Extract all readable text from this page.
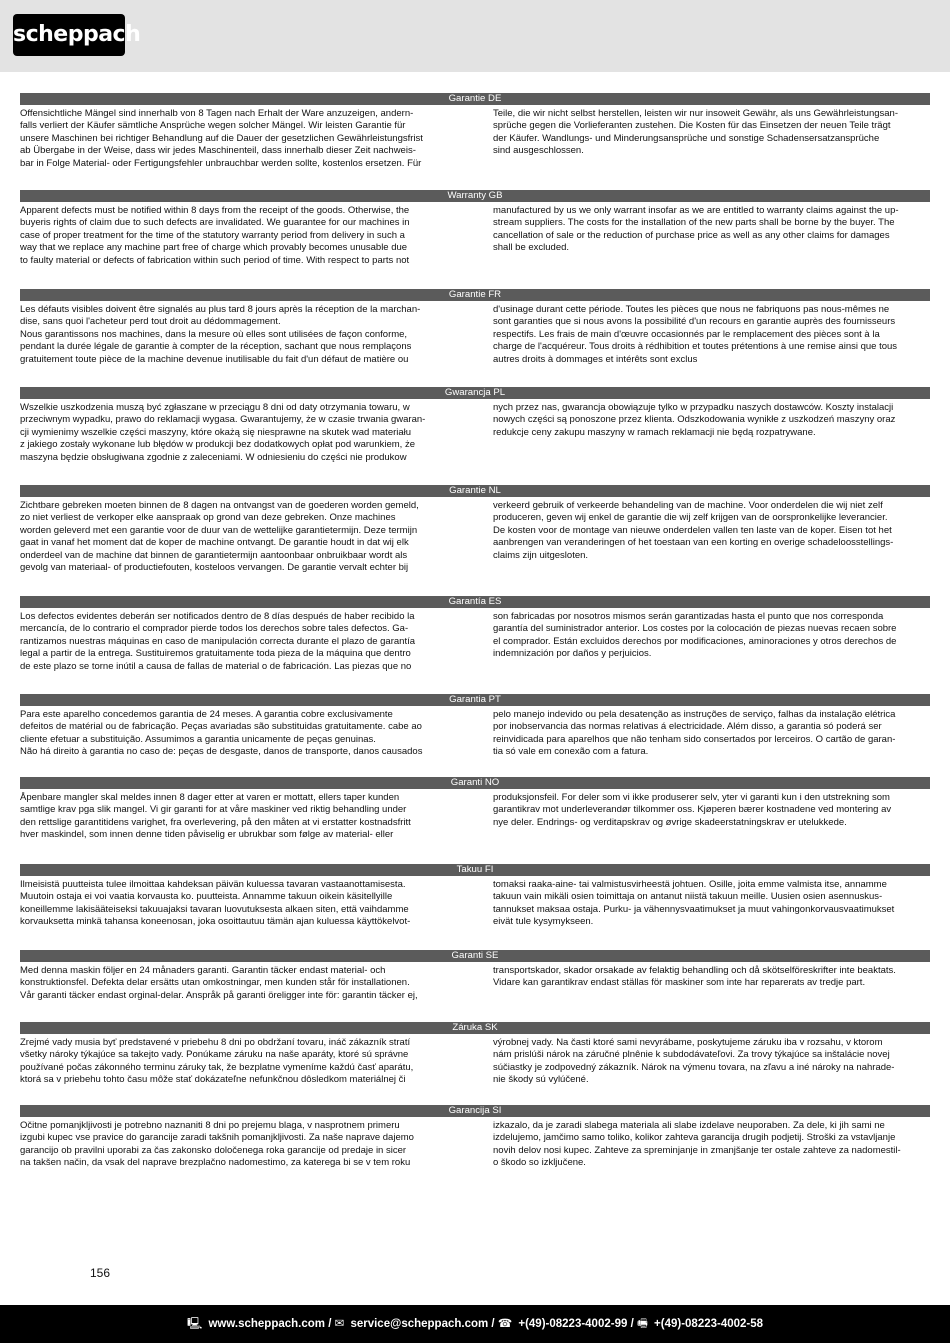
scheppach
Garantie DE
Offensichtliche Mängel sind innerhalb von 8 Tagen nach Erhalt der Ware anzuzeigen, andern-
falls verliert der Käufer sämtliche Ansprüche wegen solcher Mängel. Wir leisten Garantie für
unsere Maschinen bei richtiger Behandlung auf die Dauer der gesetzlichen Gewährleistungsfrist
ab Übergabe in der Weise, dass wir jedes Maschinenteil, dass innerhalb dieser Zeit nachweis-
bar in Folge Material- oder Fertigungsfehler unbrauchbar werden sollte, kostenlos ersetzen. Für
Teile, die wir nicht selbst herstellen, leisten wir nur insoweit Gewähr, als uns Gewährleistungsan-
sprüche gegen die Vorlieferanten zustehen. Die Kosten für das Einsetzen der neuen Teile trägt
der Käufer. Wandlungs- und Minderungsansprüche und sonstige Schadensersatzansprüche
sind ausgeschlossen.
Warranty GB
Apparent defects must be notified within 8 days from the receipt of the goods. Otherwise, the
buyeris rights of claim due to such defects are invalidated. We guarantee for our machines in
case of proper treatment for the time of the statutory warranty period from delivery in such a
way that we replace any machine part free of charge which provably becomes unusable due
to faulty material or defects of fabrication within such period of time. With respect to parts not
manufactured by us we only warrant insofar as we are entitled to warranty claims against the up-
stream suppliers. The costs for the installation of the new parts shall be borne by the buyer. The
cancellation of sale or the reduction of purchase price as well as any other claims for damages
shall be excluded.
Garantie FR
Les défauts visibles doivent être signalés au plus tard 8 jours après la réception de la marchan-
dise, sans quoi l'acheteur perd tout droit au dédommagement.
Nous garantissons nos machines, dans la mesure où elles sont utilisées de façon conforme,
pendant la durée légale de garantie à compter de la réception, sachant que nous remplaçons
gratuitement toute pièce de la machine devenue inutilisable du fait d'un défaut de matière ou
d'usinage durant cette période. Toutes les pièces que nous ne fabriquons pas nous-mêmes ne
sont garanties que si nous avons la possibilité d'un recours en garantie auprès des fournisseurs
respectifs. Les frais de main d'œuvre occasionnés par le remplacement des pièces sont à la
charge de l'acquéreur. Tous droits à rédhibition et toutes prétentions à une remise ainsi que tous
autres droits à dommages et intérêts sont exclus
Gwarancja PL
Wszelkie uszkodzenia muszą być zgłaszane w przeciągu 8 dni od daty otrzymania towaru, w
przeciwnym wypadku, prawo do reklamacji wygasa. Gwarantujemy, że w czasie trwania gwaran-
cji wymienimy wszelkie części maszyny, które okażą się niesprawne na skutek wad materiału
z jakiego zostały wykonane lub błędów w produkcji bez dodatkowych opłat pod warunkiem, że
maszyna będzie obsługiwana zgodnie z zaleceniami. W odniesieniu do części nie produkow
nych przez nas, gwarancja obowiązuje tylko w przypadku naszych dostawców. Koszty instalacji
nowych części są ponoszone przez klienta. Odszkodowania wynikłe z uszkodzeń maszyny oraz
redukcje ceny zakupu maszyny w ramach reklamacji nie będą rozpatrywane.
Garantie NL
Zichtbare gebreken moeten binnen de 8 dagen na ontvangst van de goederen worden gemeld,
zo niet verliest de verkoper elke aanspraak op grond van deze gebreken. Onze machines
worden geleverd met een garantie voor de duur van de wettelijke garantietermijn. Deze termijn
gaat in vanaf het moment dat de koper de machine ontvangt. De garantie houdt in dat wij elk
onderdeel van de machine dat binnen de garantietermijn aantoonbaar onbruikbaar wordt als
gevolg van materiaal- of productiefouten, kosteloos vervangen. De garantie vervalt echter bij
verkeerd gebruik of verkeerde behandeling van de machine. Voor onderdelen die wij niet zelf
produceren, geven wij enkel de garantie die wij zelf krijgen van de oorspronkelijke leverancier.
De kosten voor de montage van nieuwe onderdelen vallen ten laste van de koper. Eisen tot het
aanbrengen van veranderingen of het toestaan van een korting en overige schadeloosstellings-
claims zijn uitgesloten.
Garantía ES
Los defectos evidentes deberán ser notificados dentro de 8 días después de haber recibido la
mercancía, de lo contrario el comprador pierde todos los derechos sobre tales defectos. Ga-
rantizamos nuestras máquinas en caso de manipulación correcta durante el plazo de garantía
legal a partir de la entrega. Sustituiremos gratuitamente toda pieza de la máquina que dentro
de este plazo se torne inútil a causa de fallas de material o de fabricación. Las piezas que no
son fabricadas por nosotros mismos serán garantizadas hasta el punto que nos corresponda
garantía del suministrador anterior. Los costes por la colocación de piezas nuevas recaen sobre
el comprador. Están excluidos derechos por modificaciones, aminoraciones y otros derechos de
indemnización por daños y perjuicios.
Garantia PT
Para este aparelho concedemos garantia de 24 meses. A garantia cobre exclusivamente
defeitos de matérial ou de fabricação. Peças avariadas são substituidas gratuitamente. cabe ao
cliente efetuar a substituição. Assumimos a garantia unicamente de peças genuinas.
Não há direito à garantia no caso de: peças de desgaste, danos de transporte, danos causados
pelo manejo indevido ou pela desatenção as instruções de serviço, falhas da instalação elétrica
por inobservancia das normas relativas á electricidade. Além disso, a garantia só poderá ser
reinvidicada para aparelhos que não tenham sido consertados por lerceiros. O cartão de garan-
tia só vale em conexão com a fatura.
Garanti NO
Åpenbare mangler skal meldes innen 8 dager etter at varen er mottatt, ellers taper kunden
samtlige krav pga slik mangel. Vi gir garanti for at våre maskiner ved riktig behandling under
den rettslige garantitidens varighet, fra overlevering, på den måten at vi erstatter kostnadsfritt
hver maskindel, som innen denne tiden påviselig er ubrukbar som følge av material- eller
produksjonsfeil. For deler som vi ikke produserer selv, yter vi garanti kun i den utstrekning som
garantikrav mot underleverandør tilkommer oss. Kjøperen bærer kostnadene ved montering av
nye deler. Endrings- og verditapskrav og øvrige skadeerstatningskrav er utelukkede.
Takuu FI
Ilmeisistä puutteista tulee ilmoittaa kahdeksan päivän kuluessa tavaran vastaanottamisesta.
Muutoin ostaja ei voi vaatia korvausta ko. puutteista. Annamme takuun oikein käsitellyille
koneillemme lakisääteiseksi takuuajaksi tavaran luovutuksesta alkaen siten, että vaihdamme
korvauksetta minkä tahansa koneenosan, joka osoittautuu tämän ajan kuluessa käyttökelvot-
tomaksi raaka-aine- tai valmistusvirheestä johtuen. Osille, joita emme valmista itse, annamme
takuun vain mikäli osien toimittaja on antanut niistä takuun meille. Uusien osien asennuskus-
tannukset maksaa ostaja. Purku- ja vähennysvaatimukset ja muut vahingonkorvausvaatimukset
eivät tule kysymykseen.
Garanti SE
Med denna maskin följer en 24 månaders garanti. Garantin täcker endast material- och
konstruktionsfel. Defekta delar ersätts utan omkostningar, men kunden står för installationen.
Vår garanti täcker endast orginal-delar. Anspråk på garanti öreligger inte för: garantin täcker ej,
transportskador, skador orsakade av felaktig behandling och då skötselföreskrifter inte beaktats.
Vidare kan garantikrav endast ställas för maskiner som inte har reparerats av tredje part.
Záruka SK
Zrejmé vady musia byť predstavené v priebehu 8 dni po obdržaní tovaru, ináč zákazník stratí
všetky nároky týkajúce sa takejto vady. Ponúkame záruku na naše aparáty, ktoré sú správne
používané počas zákonného terminu záruky tak, že bezplatne vymeníme každú časť aparátu,
ktorá sa v priebehu tohto času môže stať dokázateľne nefunkčnou dôsledkom materiálnej či
výrobnej vady. Na časti ktoré sami nevyrábame, poskytujeme záruku iba v rozsahu, v ktorom
nám prislúši nárok na záručné plnênie k subdodávateľovi. Za trovy týkajúce sa inštalácie novej
súčiastky je zodpovedný zákazník. Nárok na výmenu tovara, na zľavu a iné nároky na nahrade-
nie škody sú vylúčené.
Garancija SI
Očitne pomanjkljivosti je potrebno naznaniti 8 dni po prejemu blaga, v nasprotnem primeru
izgubi kupec vse pravice do garancije zaradi takšnih pomanjkljivosti. Za naše naprave dajemo
garancijo ob pravilni uporabi za čas zakonsko določenega roka garancije od predaje in sicer
na takšen način, da vsak del naprave brezplačno nadomestimo, za katerega bi se v tem roku
izkazalo, da je zaradi slabega materiala ali slabe izdelave neuporaben. Za dele, ki jih sami ne
izdelujemo, jamčimo samo toliko, kolikor zahteva garancija drugih podjetij. Stroški za vstavljanje
novih delov nosi kupec. Zahteve za spreminjanje in zmanjšanje ter ostale zahteve za nadomestil-
o škodo so izključene.
156
🖳 www.scheppach.com / ✉ service@scheppach.com / ☎ +(49)-08223-4002-99 / 🖷 +(49)-08223-4002-58
